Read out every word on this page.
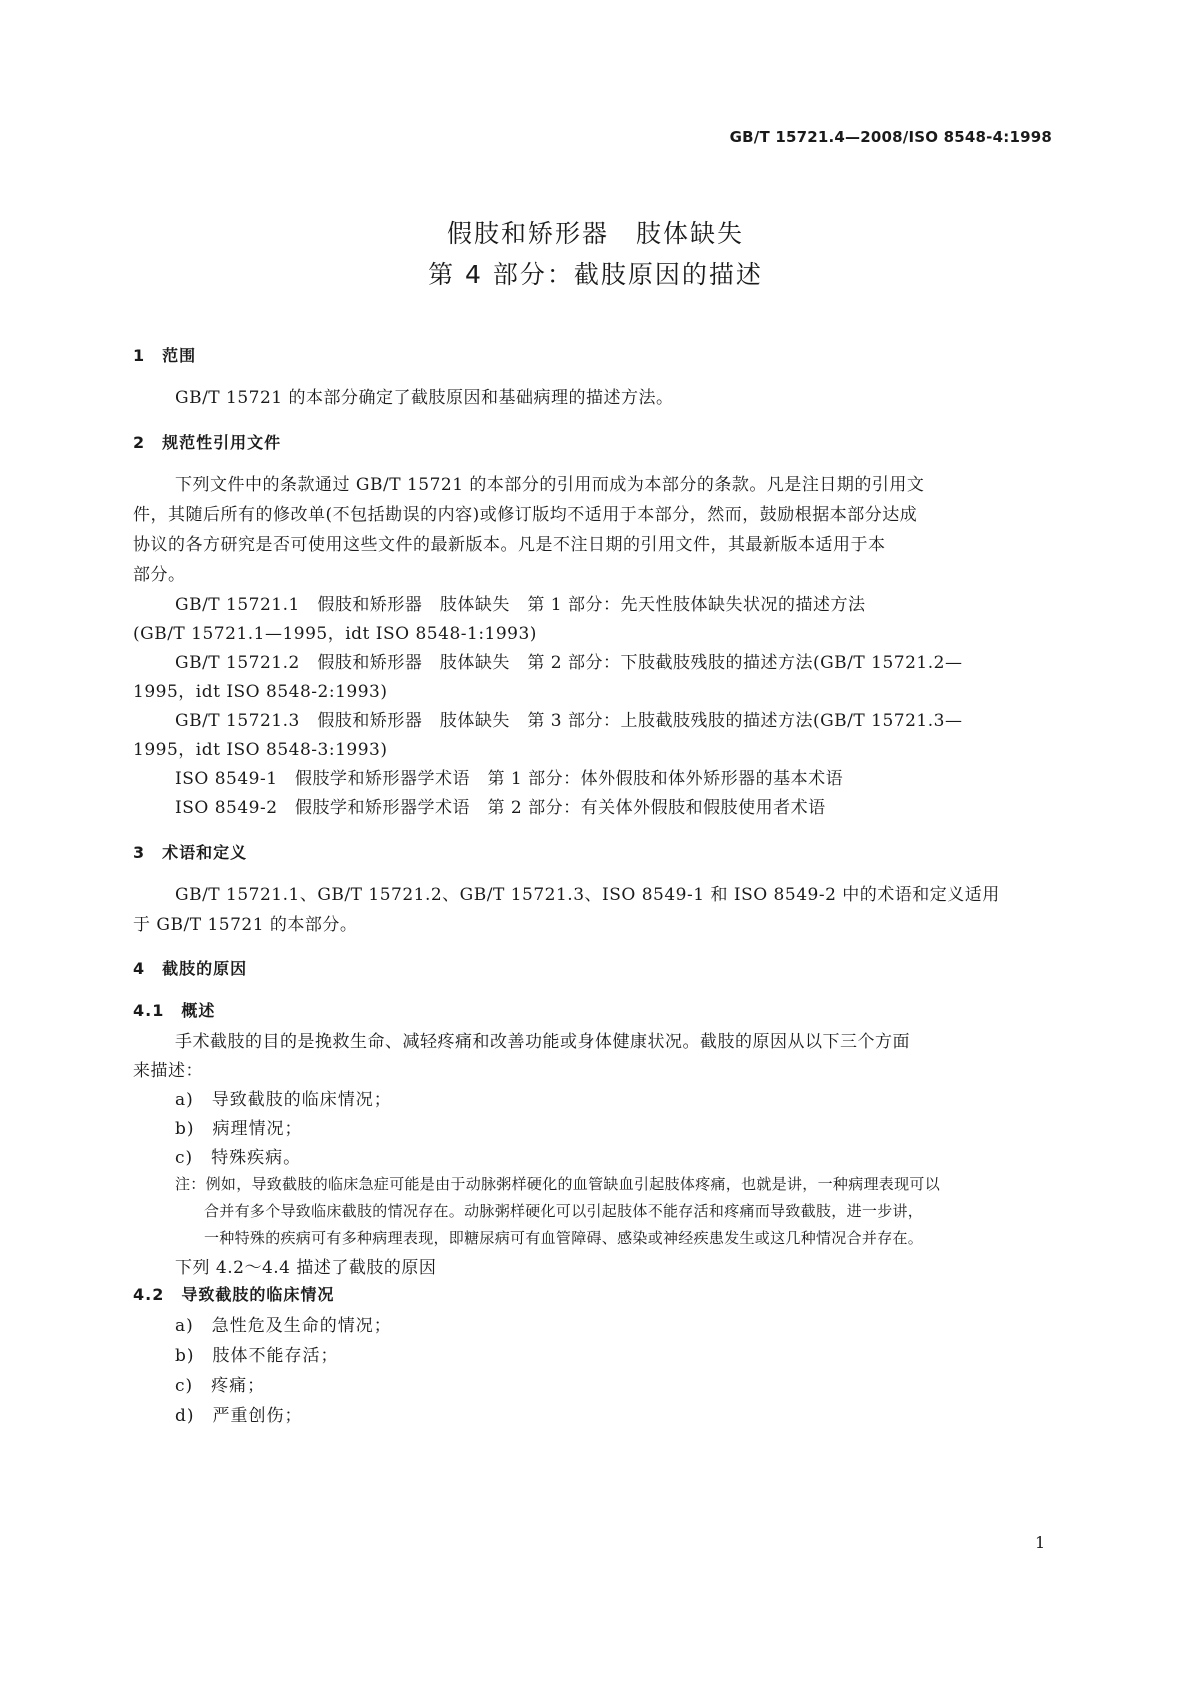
GB/T 15721.4—2008/ISO 8548-4:1998
假肢和矫形器　肢体缺失
第 4 部分：截肢原因的描述
1　范围
GB/T 15721 的本部分确定了截肢原因和基础病理的描述方法。
2　规范性引用文件
下列文件中的条款通过 GB/T 15721 的本部分的引用而成为本部分的条款。凡是注日期的引用文
件，其随后所有的修改单(不包括勘误的内容)或修订版均不适用于本部分，然而，鼓励根据本部分达成
协议的各方研究是否可使用这些文件的最新版本。凡是不注日期的引用文件，其最新版本适用于本
部分。
GB/T 15721.1　假肢和矫形器　肢体缺失　第 1 部分：先天性肢体缺失状况的描述方法
(GB/T 15721.1—1995，idt ISO 8548-1:1993)
GB/T 15721.2　假肢和矫形器　肢体缺失　第 2 部分：下肢截肢残肢的描述方法(GB/T 15721.2—
1995，idt ISO 8548-2:1993)
GB/T 15721.3　假肢和矫形器　肢体缺失　第 3 部分：上肢截肢残肢的描述方法(GB/T 15721.3—
1995，idt ISO 8548-3:1993)
ISO 8549-1　假肢学和矫形器学术语　第 1 部分：体外假肢和体外矫形器的基本术语
ISO 8549-2　假肢学和矫形器学术语　第 2 部分：有关体外假肢和假肢使用者术语
3　术语和定义
GB/T 15721.1、GB/T 15721.2、GB/T 15721.3、ISO 8549-1 和 ISO 8549-2 中的术语和定义适用
于 GB/T 15721 的本部分。
4　截肢的原因
4.1　概述
手术截肢的目的是挽救生命、减轻疼痛和改善功能或身体健康状况。截肢的原因从以下三个方面
来描述：
a)　导致截肢的临床情况；
b)　病理情况；
c)　特殊疾病。
注：例如，导致截肢的临床急症可能是由于动脉粥样硬化的血管缺血引起肢体疼痛，也就是讲，一种病理表现可以
合并有多个导致临床截肢的情况存在。动脉粥样硬化可以引起肢体不能存活和疼痛而导致截肢，进一步讲，
一种特殊的疾病可有多种病理表现，即糖尿病可有血管障碍、感染或神经疾患发生或这几种情况合并存在。
下列 4.2～4.4 描述了截肢的原因
4.2　导致截肢的临床情况
a)　急性危及生命的情况；
b)　肢体不能存活；
c)　疼痛；
d)　严重创伤；
1
